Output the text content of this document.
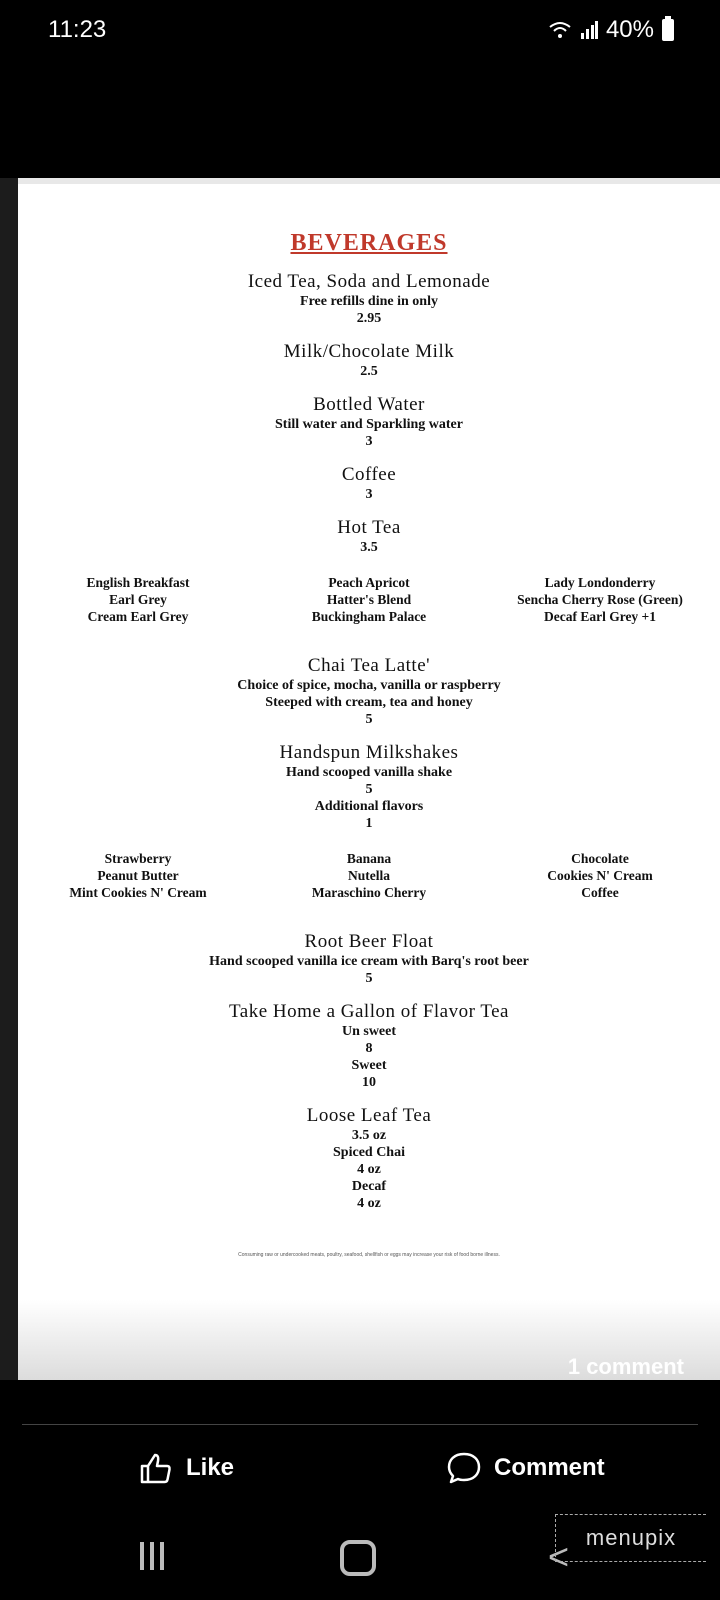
11:23	40%
BEVERAGES
Iced Tea, Soda and Lemonade
Free refills dine in only
2.95
Milk/Chocolate Milk
2.5
Bottled Water
Still water and Sparkling water
3
Coffee
3
Hot Tea
3.5
English Breakfast
Earl Grey
Cream Earl Grey
Peach Apricot
Hatter's Blend
Buckingham Palace
Lady Londonderry
Sencha Cherry Rose (Green)
Decaf Earl Grey +1
Chai Tea Latte'
Choice of spice, mocha, vanilla or raspberry
Steeped with cream, tea and honey
5
Handspun Milkshakes
Hand scooped vanilla shake
5
Additional flavors
1
Strawberry
Peanut Butter
Mint Cookies N' Cream
Banana
Nutella
Maraschino Cherry
Chocolate
Cookies N' Cream
Coffee
Root Beer Float
Hand scooped vanilla ice cream with Barq's root beer
5
Take Home a Gallon of Flavor Tea
Un sweet
8
Sweet
10
Loose Leaf Tea
3.5 oz
Spiced Chai
4 oz
Decaf
4 oz
Consuming raw or undercooked meats, poultry, seafood, shellfish or eggs may increase your risk of food borne illness.
1 comment
Like	Comment
< menupix
